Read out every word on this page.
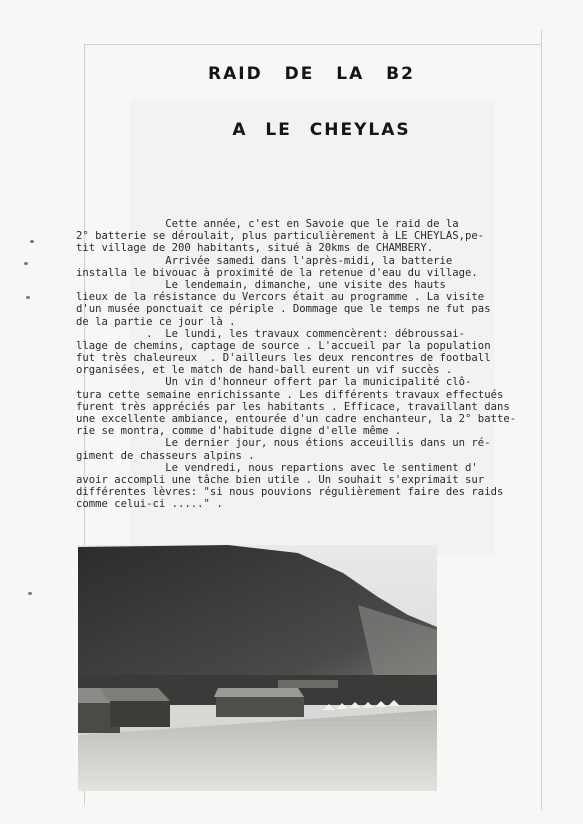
RAID DE LA B2
A LE CHEYLAS
Cette année, c'est en Savoie que le raid de la
2° batterie se déroulait, plus particulièrement à LE CHEYLAS,pe-
tit village de 200 habitants, situé à 20kms de CHAMBERY.
Arrivée samedi dans l'après-midi, la batterie
installa le bivouac à proximité de la retenue d'eau du village.
Le lendemain, dimanche, une visite des hauts
lieux de la résistance du Vercors était au programme . La visite
d'un musée ponctuait ce périple . Dommage que le temps ne fut pas
de la partie ce jour là .
.  Le lundi, les travaux commencèrent: débroussai-
llage de chemins, captage de source . L'accueil par la population
fut très chaleureux  . D'ailleurs les deux rencontres de football
organisées, et le match de hand-ball eurent un vif succès .
Un vin d'honneur offert par la municipalité clô-
tura cette semaine enrichissante . Les différents travaux effectués
furent très appréciés par les habitants . Efficace, travaillant dans
une excellente ambiance, entourée d'un cadre enchanteur, la 2° batte-
rie se montra, comme d'habitude digne d'elle même .
Le dernier jour, nous étions acceuillis dans un ré-
giment de chasseurs alpins .
Le vendredi, nous repartions avec le sentiment d'
avoir accompli une tâche bien utile . Un souhait s'exprimait sur
différentes lèvres: "si nous pouvions régulièrement faire des raids
comme celui-ci ....." .
